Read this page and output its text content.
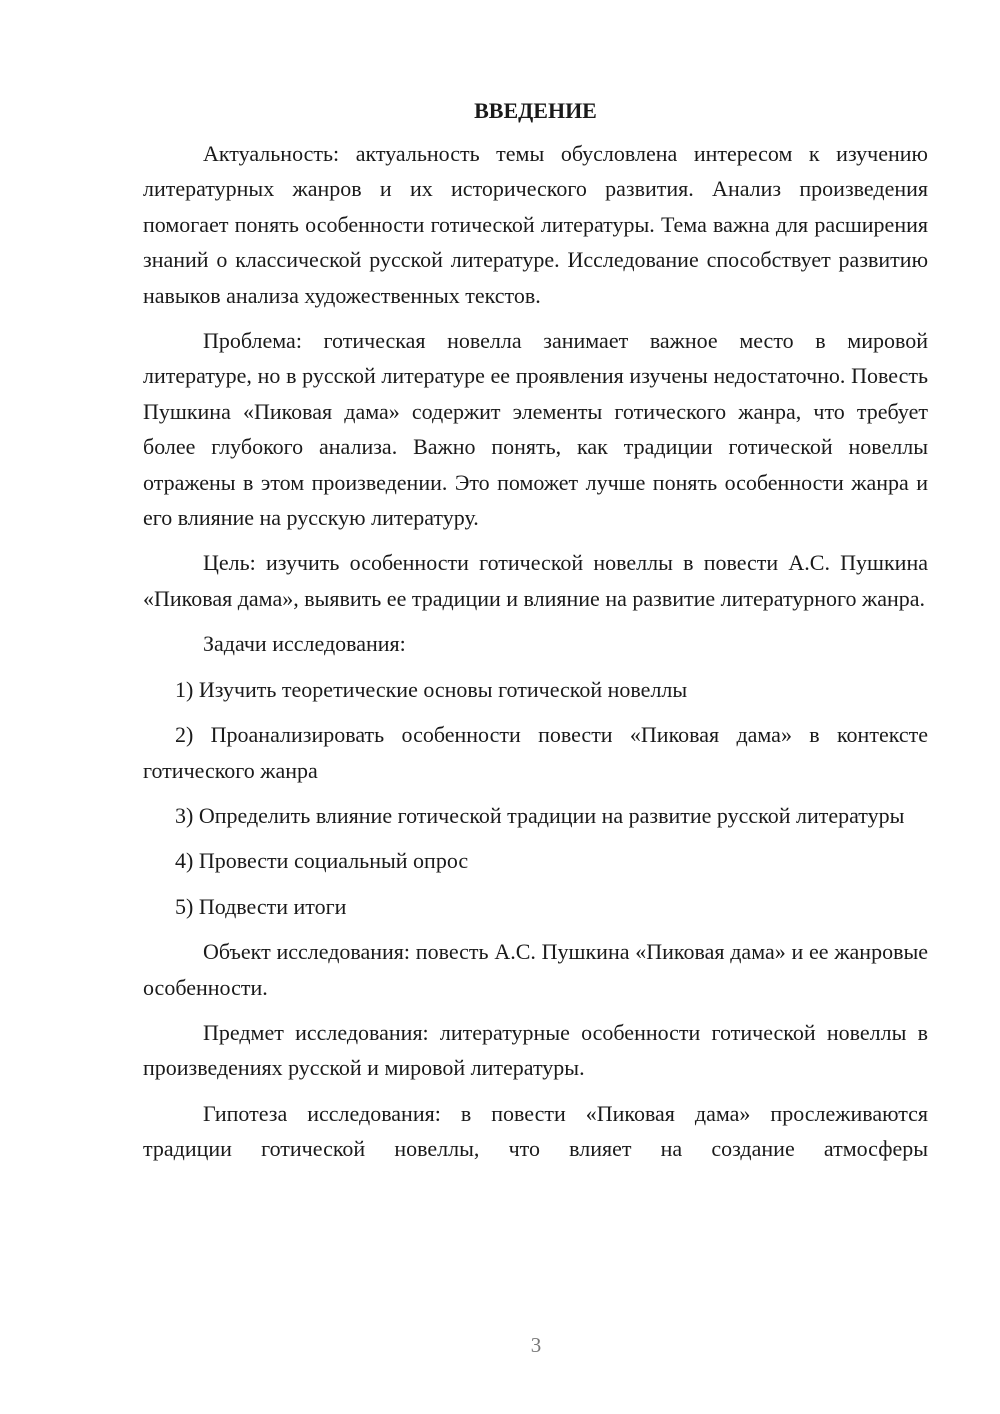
ВВЕДЕНИЕ

Актуальность: актуальность темы обусловлена интересом к изучению литературных жанров и их исторического развития. Анализ произведения помогает понять особенности готической литературы. Тема важна для расширения знаний о классической русской литературе. Исследование способствует развитию навыков анализа художественных текстов.

Проблема: готическая новелла занимает важное место в мировой литературе, но в русской литературе ее проявления изучены недостаточно. Повесть Пушкина «Пиковая дама» содержит элементы готического жанра, что требует более глубокого анализа. Важно понять, как традиции готической новеллы отражены в этом произведении. Это поможет лучше понять особенности жанра и его влияние на русскую литературу.

Цель: изучить особенности готической новеллы в повести А.С. Пушкина «Пиковая дама», выявить ее традиции и влияние на развитие литературного жанра.

Задачи исследования:

1) Изучить теоретические основы готической новеллы

2) Проанализировать особенности повести «Пиковая дама» в контексте готического жанра

3) Определить влияние готической традиции на развитие русской литературы

4) Провести социальный опрос

5) Подвести итоги

Объект исследования: повесть А.С. Пушкина «Пиковая дама» и ее жанровые особенности.

Предмет исследования: литературные особенности готической новеллы в произведениях русской и мировой литературы.

Гипотеза исследования: в повести «Пиковая дама» прослеживаются традиции готической новеллы, что влияет на создание атмосферы

3
